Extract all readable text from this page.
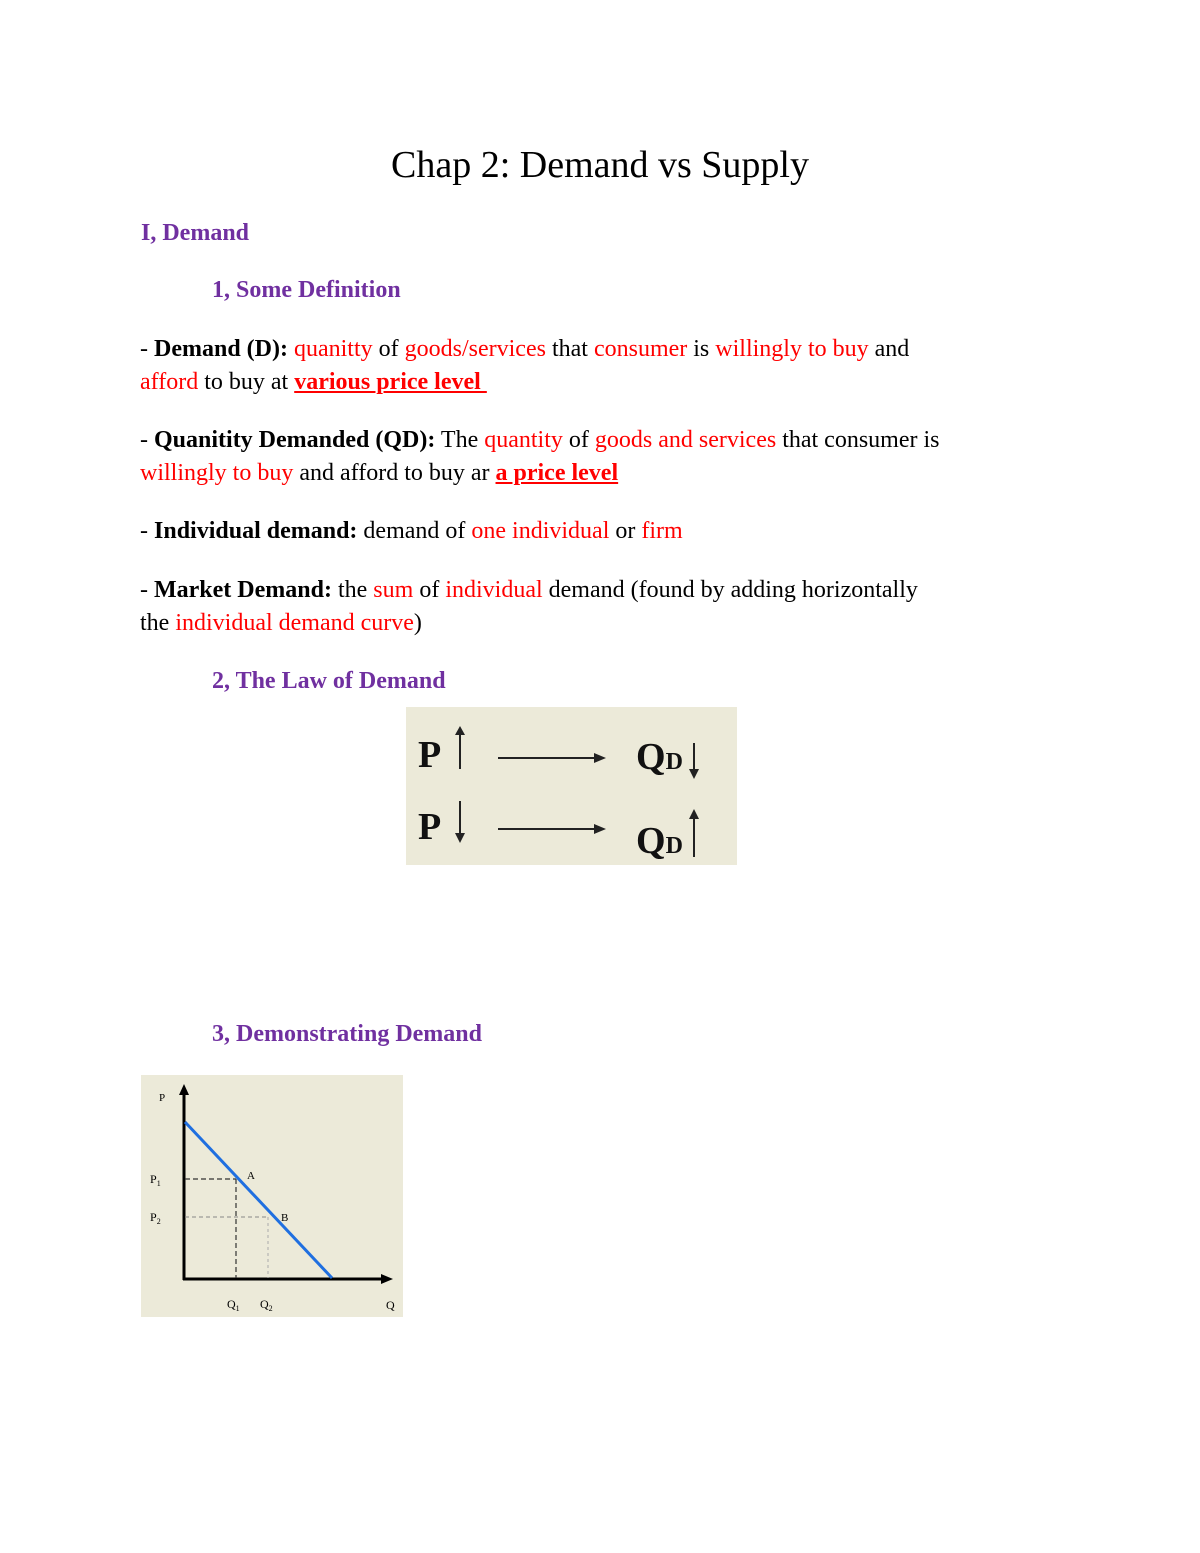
Chap 2: Demand vs Supply
I, Demand
1, Some Definition
- Demand (D): quanitty of goods/services that consumer is willingly to buy and
afford to buy at various price level
- Quanitity Demanded (QD): The quantity of goods and services that consumer is
willingly to buy and afford to buy ar a price level
- Individual demand: demand of one individual or firm
- Market Demand: the sum of individual demand (found by adding horizontally
the individual demand curve)
2, The Law of Demand
P	QD
P	QD
3, Demonstrating Demand
P
Q
$P_1$
$P_2$
$Q_1$ $Q_2$
A
B
